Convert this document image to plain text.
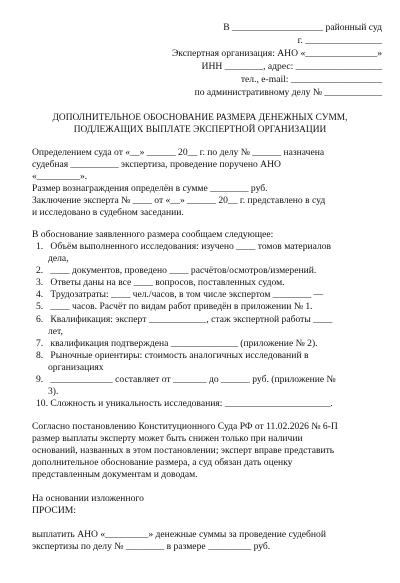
В ___________________ районный суд
г. ________________
Экспертная организация: АНО «_______________»
ИНН ________, адрес: __________________
тел., e-mail: ___________________
по административному делу № ____________
ДОПОЛНИТЕЛЬНОЕ ОБОСНОВАНИЕ РАЗМЕРА ДЕНЕЖНЫХ СУММ,
ПОДЛЕЖАЩИХ ВЫПЛАТЕ ЭКСПЕРТНОЙ ОРГАНИЗАЦИИ
Определением суда от «__» ______ 20__ г. по делу № ______ назначена
судебная __________ экспертиза, проведение поручено АНО
«_________».
Размер вознаграждения определён в сумме ________ руб.
Заключение эксперта № ____ от «__» ______ 20__ г. представлено в суд
и исследовано в судебном заседании.
В обоснование заявленного размера сообщаем следующее:
1. Объём выполненного исследования: изучено ____ томов материалов
дела,
2. ____ документов, проведено ____ расчётов/осмотров/измерений.
3. Ответы даны на все ____ вопросов, поставленных судом.
4. Трудозатраты: ____ чел./часов, в том числе экспертом ________ —
5. ____ часов. Расчёт по видам работ приведён в приложении № 1.
6. Квалификация: эксперт ____________, стаж экспертной работы ____
лет,
7. квалификация подтверждена ______________ (приложение № 2).
8. Рыночные ориентиры: стоимость аналогичных исследований в
организациях
9. _____________ составляет от _______ до ______ руб. (приложение №
3).
10. Сложность и уникальность исследования: ______________________.
Согласно постановлению Конституционного Суда РФ от 11.02.2026 № 6-П
размер выплаты эксперту может быть снижен только при наличии
оснований, названных в этом постановлении; эксперт вправе представить
дополнительное обоснование размера, а суд обязан дать оценку
представленным документам и доводам.
На основании изложенного
ПРОСИМ:
выплатить АНО «_________» денежные суммы за проведение судебной
экспертизы по делу № ________ в размере _________ руб.
